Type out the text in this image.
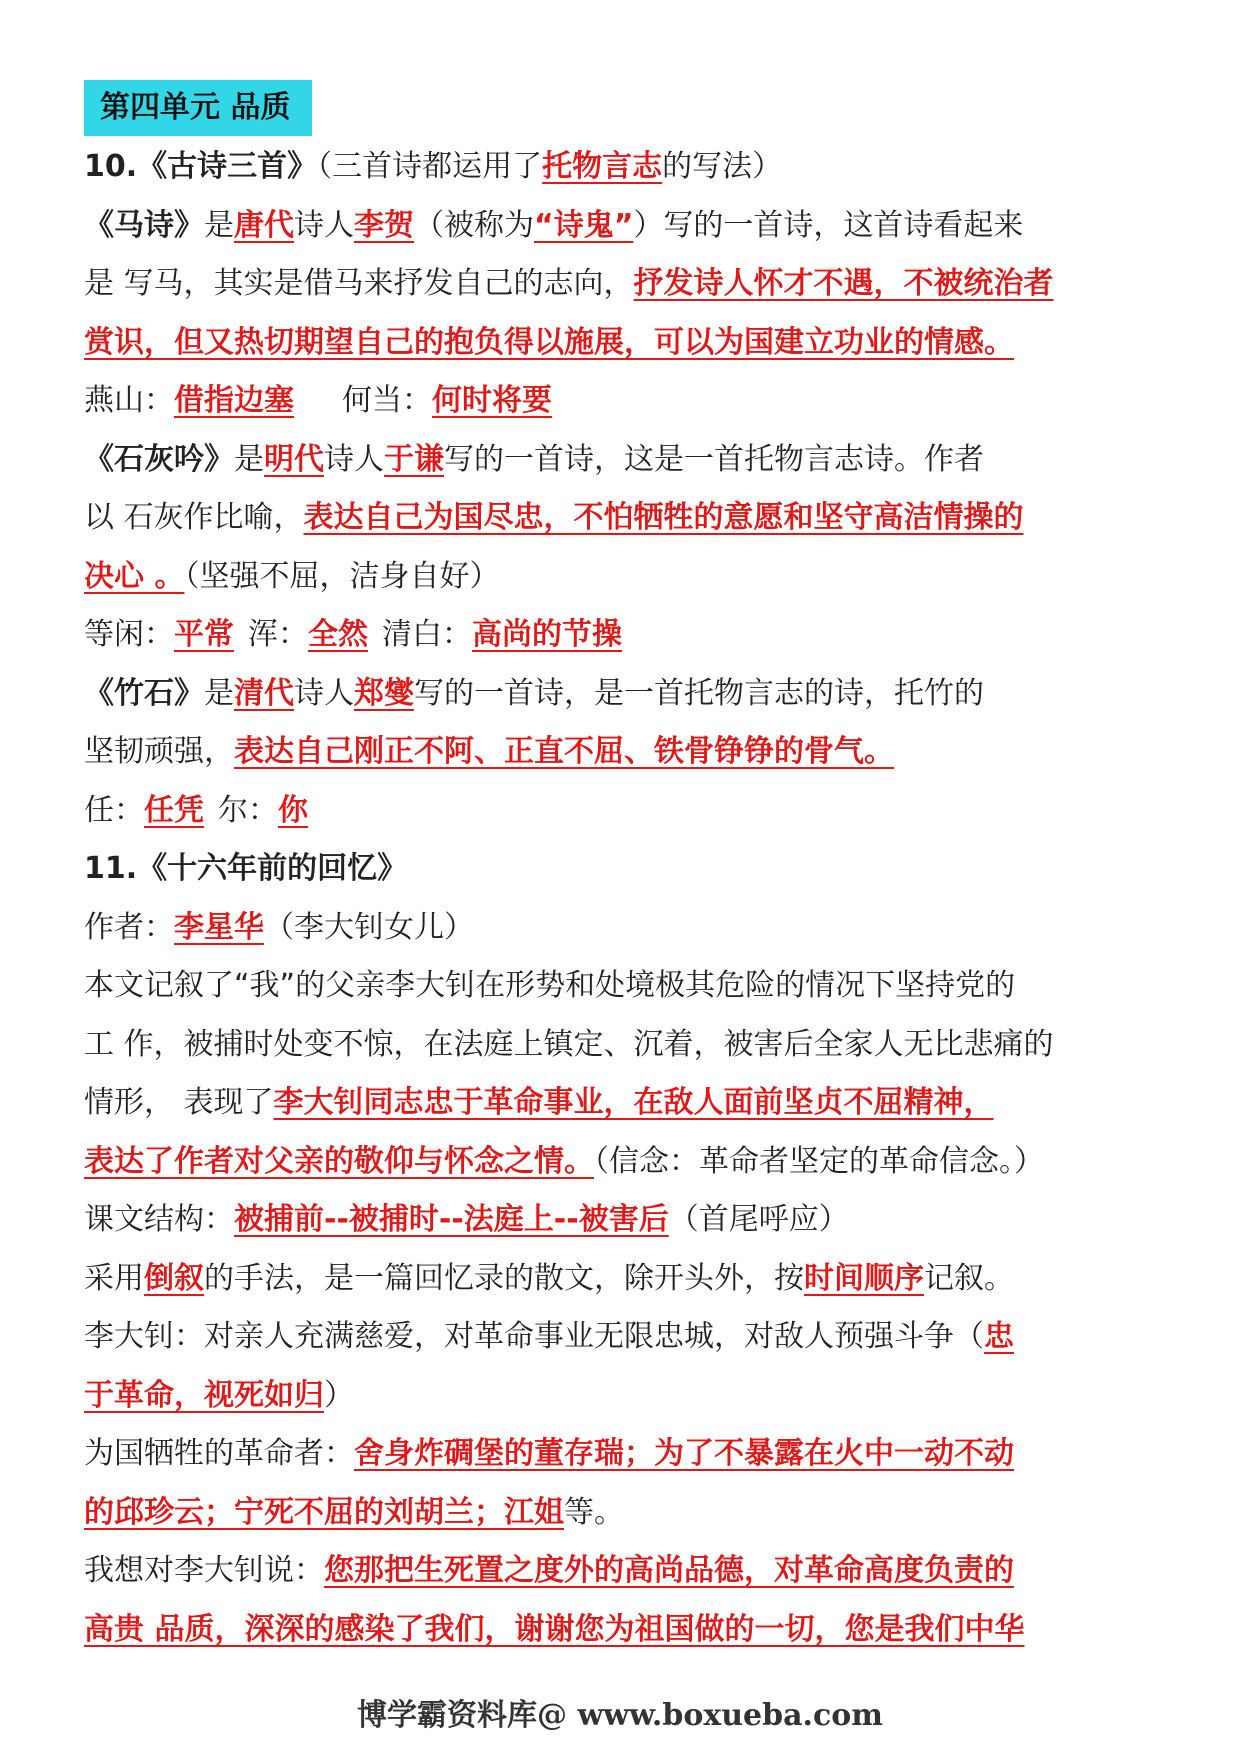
第四单元 品质
10.《古诗三首》（三首诗都运用了托物言志的写法）
《马诗》是唐代诗人李贺（被称为“诗鬼”）写的一首诗，这首诗看起来
是 写马，其实是借马来抒发自己的志向，抒发诗人怀才不遇，不被统治者
赏识，但又热切期望自己的抱负得以施展，可以为国建立功业的情感。
燕山：借指边塞 何当：何时将要
《石灰吟》是明代诗人于谦写的一首诗，这是一首托物言志诗。作者
以 石灰作比喻，表达自己为国尽忠，不怕牺牲的意愿和坚守高洁情操的
决心 。（坚强不屈，洁身自好）
等闲：平常 浑：全然 清白：高尚的节操
《竹石》是清代诗人郑燮写的一首诗，是一首托物言志的诗，托竹的
坚韧顽强，表达自己刚正不阿、正直不屈、铁骨铮铮的骨气。
任：任凭 尔：你
11.《十六年前的回忆》
作者：李星华（李大钊女儿）
本文记叙了“我”的父亲李大钊在形势和处境极其危险的情况下坚持党的
工 作，被捕时处变不惊，在法庭上镇定、沉着，被害后全家人无比悲痛的
情形， 表现了李大钊同志忠于革命事业，在敌人面前坚贞不屈精神，
表达了作者对父亲的敬仰与怀念之情。（信念：革命者坚定的革命信念。）
课文结构：被捕前--被捕时--法庭上--被害后（首尾呼应）
采用倒叙的手法，是一篇回忆录的散文，除开头外，按时间顺序记叙。
李大钊：对亲人充满慈爱，对革命事业无限忠城，对敌人预强斗争（忠
于革命，视死如归）
为国牺牲的革命者：舍身炸碉堡的董存瑞；为了不暴露在火中一动不动
的邱珍云；宁死不屈的刘胡兰；江姐等。
我想对李大钊说：您那把生死置之度外的高尚品德，对革命高度负责的
高贵 品质，深深的感染了我们，谢谢您为祖国做的一切，您是我们中华
博学霸资料库@ www.boxueba.com
